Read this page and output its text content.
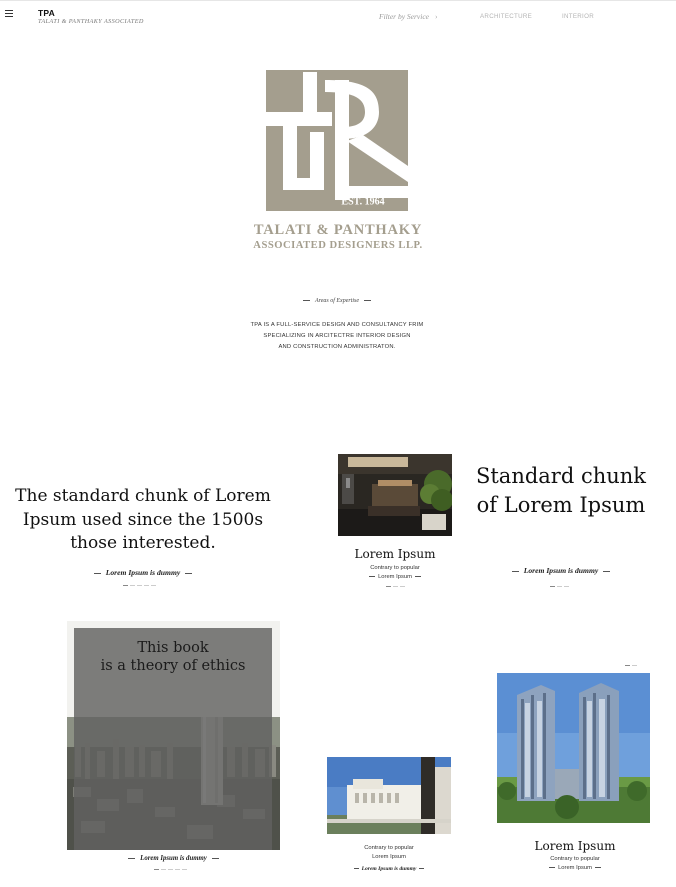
TPA
TALATI & PANTHAKY ASSOCIATED
Filter by Service ›	ARCHITECTURE	INTERIOR
EST. 1964
TALATI & PANTHAKY
ASSOCIATED DESIGNERS LLP.
Areas of Expertise
TPA IS A FULL-SERVICE DESIGN AND CONSULTANCY FRIM
SPECIALIZING IN ARCITECTRE INTERIOR DESIGN
AND CONSTRUCTION ADMINISTRATON.
The standard chunk of Lorem Ipsum used since the 1500s those interested.
Lorem Ipsum is dummy
Lorem Ipsum
Contrary to popular
Lorem Ipsum
Standard chunk of Lorem Ipsum
Lorem Ipsum is dummy
This book
is a theory of ethics
Lorem Ipsum is dummy
Contrary to popular
Lorem Ipsum
Lorem Ipsum is dummy
Lorem Ipsum
Contrary to popular
Lorem Ipsum
